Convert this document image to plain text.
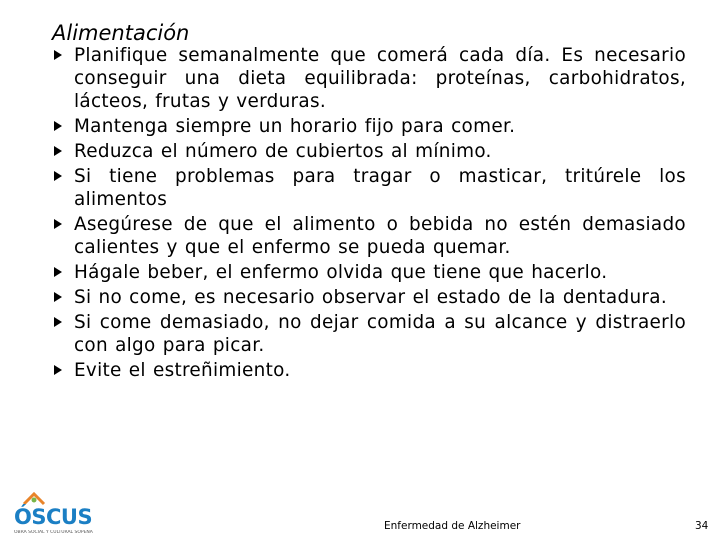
Alimentación
Planifique semanalmente que comerá cada día. Es necesario conseguir una dieta equilibrada: proteínas, carbohidratos, lácteos, frutas y verduras.
Mantenga siempre un horario fijo para comer.
Reduzca el número de cubiertos al mínimo.
Si tiene problemas para tragar o masticar, tritúrele los alimentos
Asegúrese de que el alimento o bebida no estén demasiado calientes y que el enfermo se pueda quemar.
Hágale beber, el enfermo olvida que tiene que hacerlo.
Si no come, es necesario observar el estado de la dentadura.
Si come demasiado, no dejar comida a su alcance y distraerlo con algo para picar.
Evite el estreñimiento.
ÓSCUS
OBRA SOCIAL Y CULTURAL SOPEÑA
Enfermedad de Alzheimer	34
